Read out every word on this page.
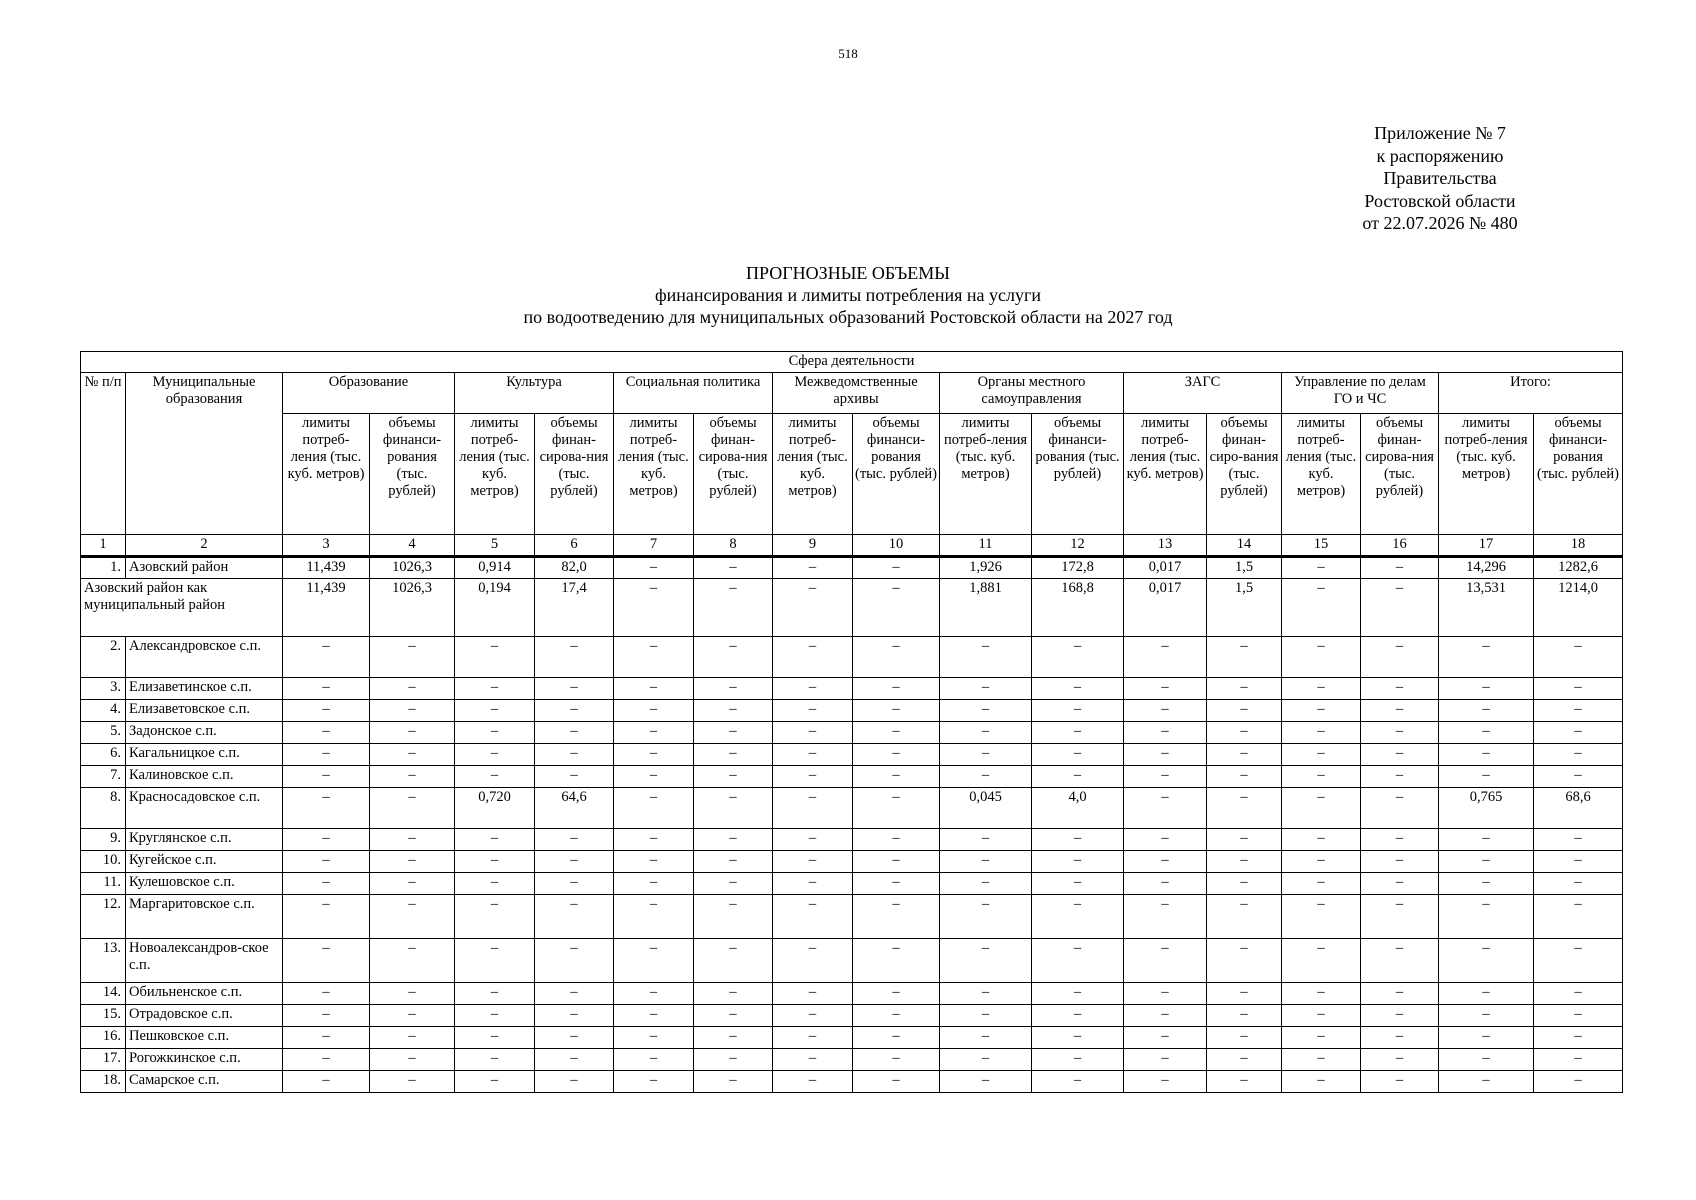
518
Приложение № 7
к распоряжению
Правительства
Ростовской области
от 22.07.2026 № 480
ПРОГНОЗНЫЕ ОБЪЕМЫ
финансирования и лимиты потребления на услуги
по водоотведению для муниципальных образований Ростовской области на 2027 год
Сфера деятельности																	
№ п/п	Муниципальные образования	Образование		Культура		Социальная политика		Межведомственные архивы		Органы местного самоуправления		ЗАГС		Управление по делам ГО и ЧС		Итого:	
		лимиты потреб-ления (тыс. куб. метров)	объемы финанси-рования (тыс. рублей)	лимиты потреб-ления (тыс. куб. метров)	объемы финан-сирова-ния (тыс. рублей)	лимиты потреб-ления (тыс. куб. метров)	объемы финан-сирова-ния (тыс. рублей)	лимиты потреб-ления (тыс. куб. метров)	объемы финанси-рования (тыс. рублей)	лимиты потреб-ления (тыс. куб. метров)	объемы финанси-рования (тыс. рублей)	лимиты потреб-ления (тыс. куб. метров)	объемы финан-сиро-вания (тыс. рублей)	лимиты потреб-ления (тыс. куб. метров)	объемы финан-сирова-ния (тыс. рублей)	лимиты потреб-ления (тыс. куб. метров)	объемы финанси-рования (тыс. рублей)
1	2	3	4	5	6	7	8	9	10	11	12	13	14	15	16	17	18
1.	Азовский район	11,439	1026,3	0,914	82,0	–	–	–	–	1,926	172,8	0,017	1,5	–	–	14,296	1282,6
Азовский район как муниципальный район		11,439	1026,3	0,194	17,4	–	–	–	–	1,881	168,8	0,017	1,5	–	–	13,531	1214,0
2.	Александровское с.п.	–	–	–	–	–	–	–	–	–	–	–	–	–	–	–	–
3.	Елизаветинское с.п.	–	–	–	–	–	–	–	–	–	–	–	–	–	–	–	–
4.	Елизаветовское с.п.	–	–	–	–	–	–	–	–	–	–	–	–	–	–	–	–
5.	Задонское с.п.	–	–	–	–	–	–	–	–	–	–	–	–	–	–	–	–
6.	Кагальницкое с.п.	–	–	–	–	–	–	–	–	–	–	–	–	–	–	–	–
7.	Калиновское с.п.	–	–	–	–	–	–	–	–	–	–	–	–	–	–	–	–
8.	Красносадовское с.п.	–	–	0,720	64,6	–	–	–	–	0,045	4,0	–	–	–	–	0,765	68,6
9.	Круглянское с.п.	–	–	–	–	–	–	–	–	–	–	–	–	–	–	–	–
10.	Кугейское с.п.	–	–	–	–	–	–	–	–	–	–	–	–	–	–	–	–
11.	Кулешовское с.п.	–	–	–	–	–	–	–	–	–	–	–	–	–	–	–	–
12.	Маргаритовское с.п.	–	–	–	–	–	–	–	–	–	–	–	–	–	–	–	–
13.	Новоалександров-ское с.п.	–	–	–	–	–	–	–	–	–	–	–	–	–	–	–	–
14.	Обильненское с.п.	–	–	–	–	–	–	–	–	–	–	–	–	–	–	–	–
15.	Отрадовское с.п.	–	–	–	–	–	–	–	–	–	–	–	–	–	–	–	–
16.	Пешковское с.п.	–	–	–	–	–	–	–	–	–	–	–	–	–	–	–	–
17.	Рогожкинское с.п.	–	–	–	–	–	–	–	–	–	–	–	–	–	–	–	–
18.	Самарское с.п.	–	–	–	–	–	–	–	–	–	–	–	–	–	–	–	–
